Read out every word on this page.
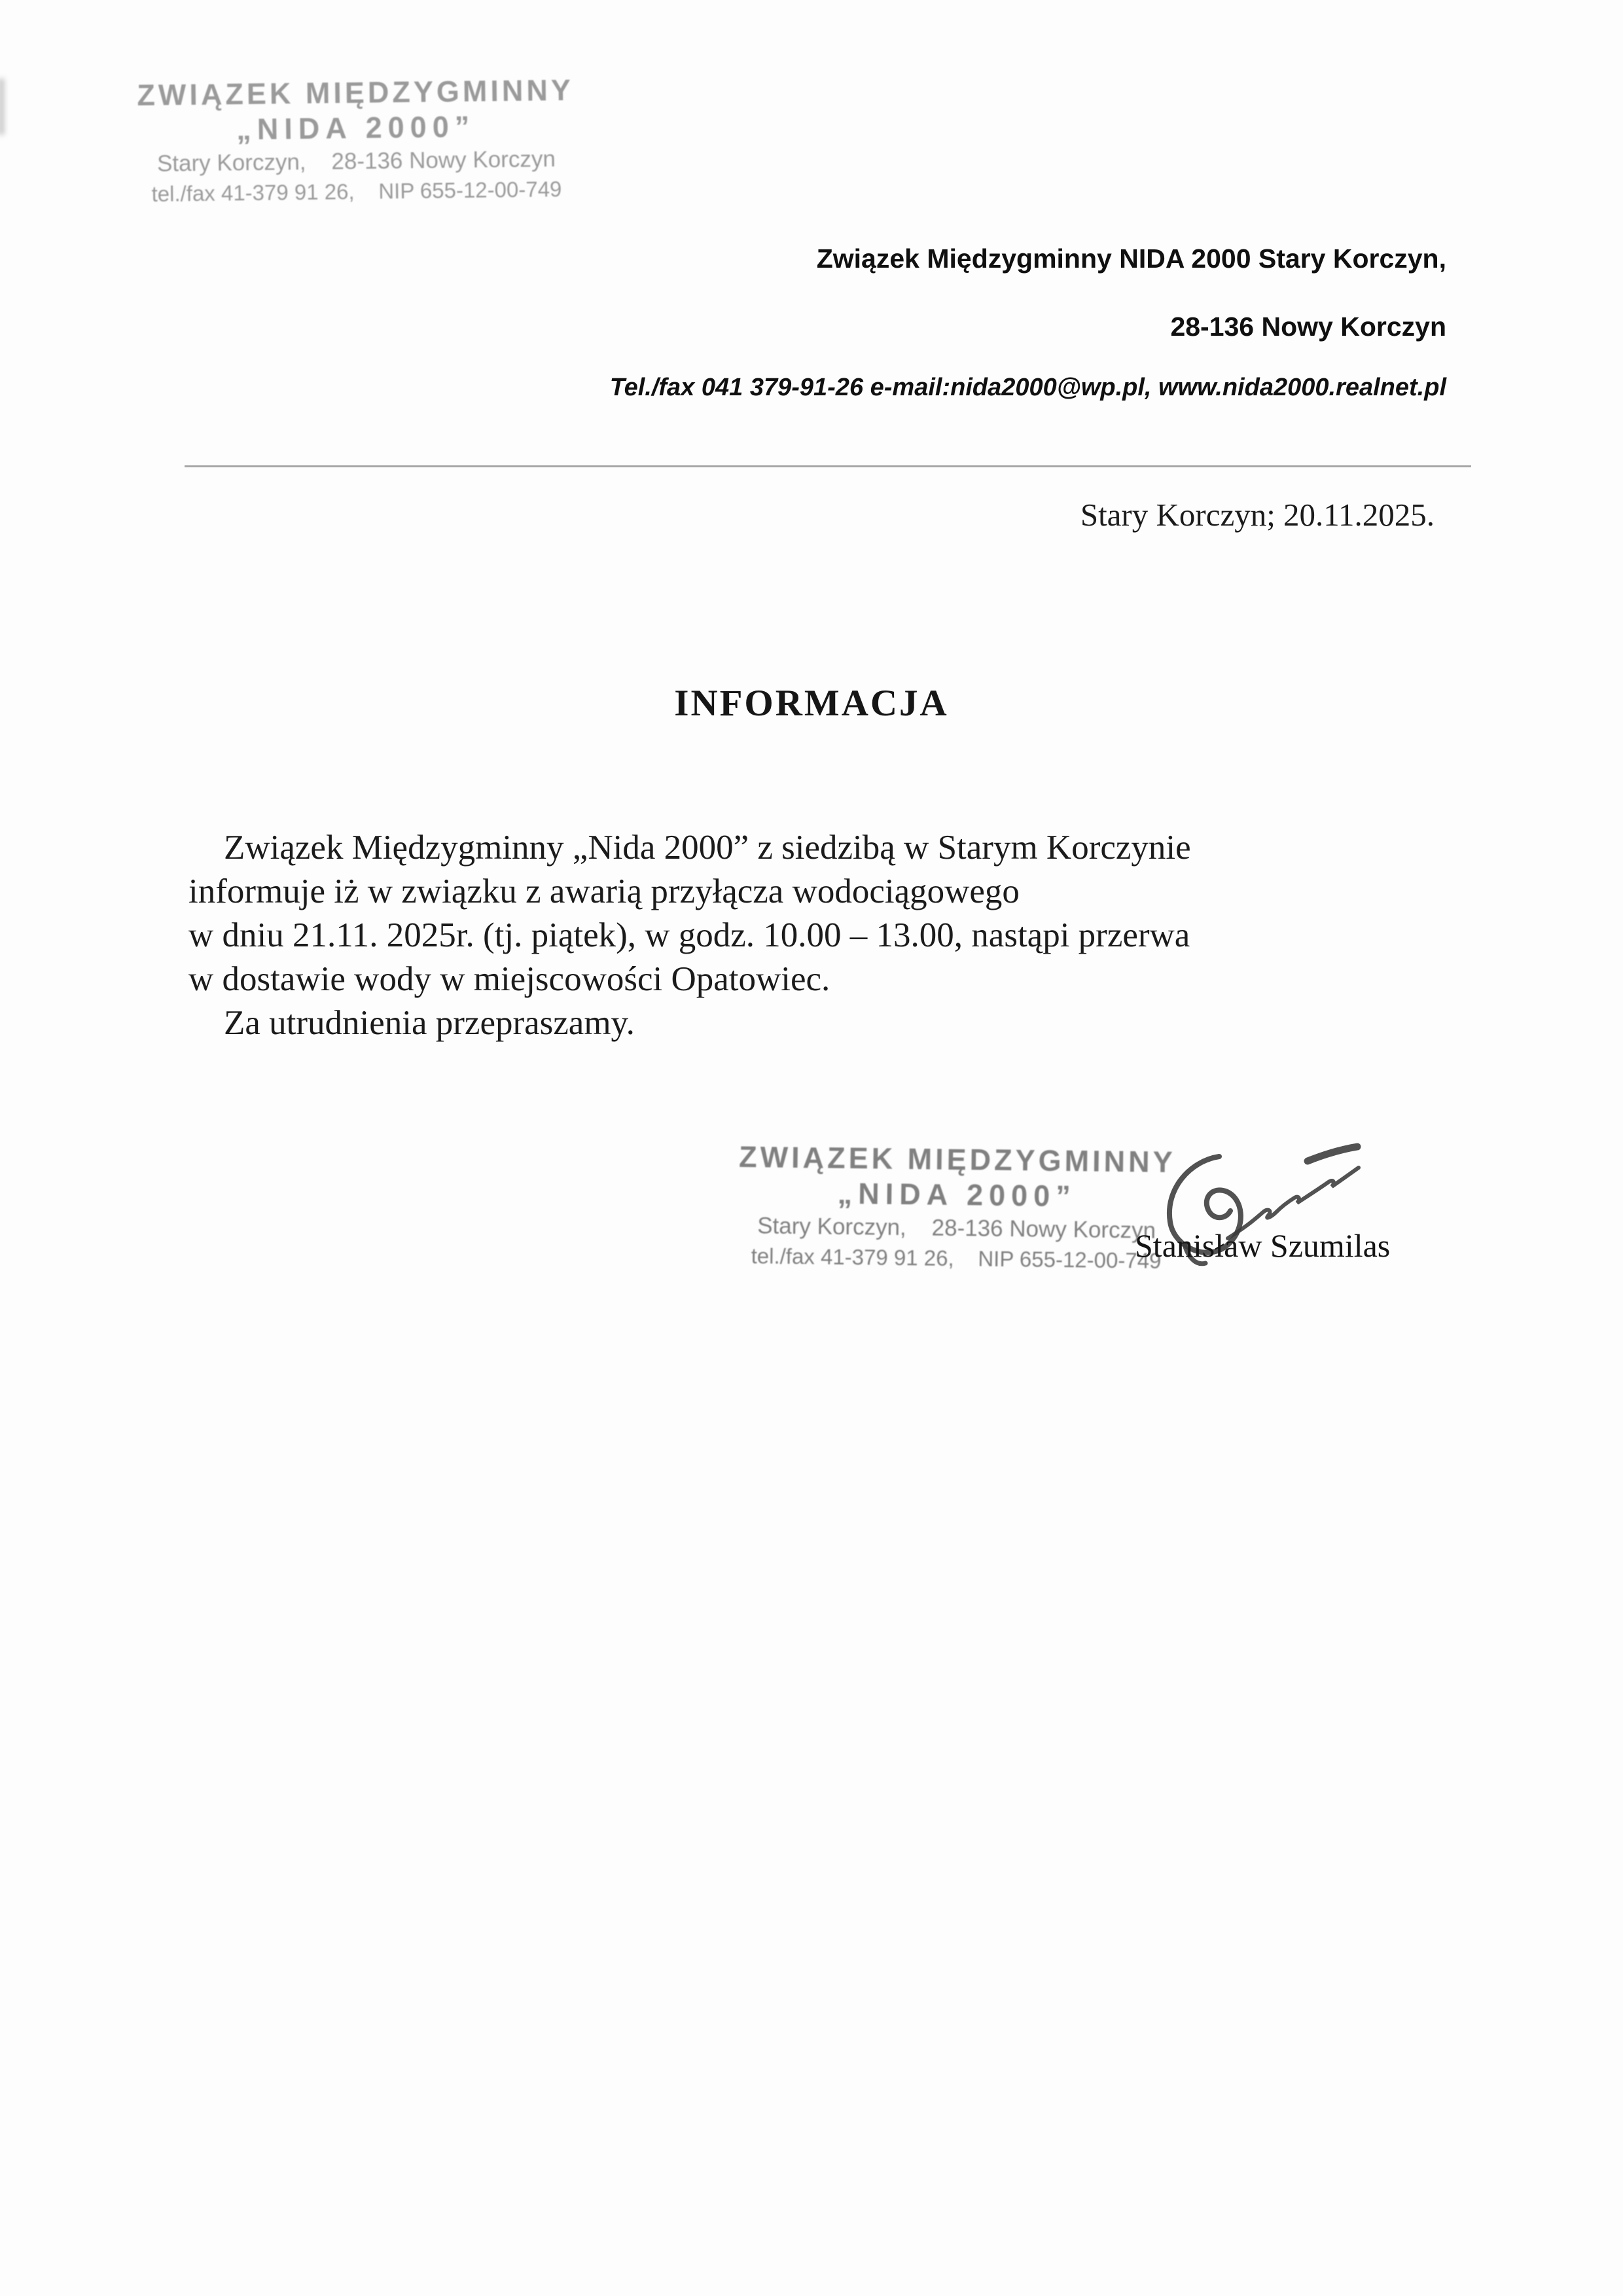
ZWIĄZEK MIĘDZYGMINNY
„NIDA 2000”
Stary Korczyn,    28-136 Nowy Korczyn
tel./fax 41-379 91 26,    NIP 655-12-00-749
Związek Międzygminny NIDA 2000 Stary Korczyn,
28-136 Nowy Korczyn
Tel./fax 041 379-91-26 e-mail:nida2000@wp.pl, www.nida2000.realnet.pl
Stary Korczyn; 20.11.2025.
INFORMACJA
Związek Międzygminny „Nida 2000” z siedzibą w Starym Korczynie
informuje iż w związku z awarią przyłącza wodociągowego
w dniu 21.11. 2025r. (tj. piątek), w godz. 10.00 – 13.00, nastąpi przerwa
w dostawie wody w miejscowości Opatowiec.
Za utrudnienia przepraszamy.
ZWIĄZEK MIĘDZYGMINNY
„NIDA 2000”
Stary Korczyn,    28-136 Nowy Korczyn
tel./fax 41-379 91 26,    NIP 655-12-00-749
Stanisław Szumilas
